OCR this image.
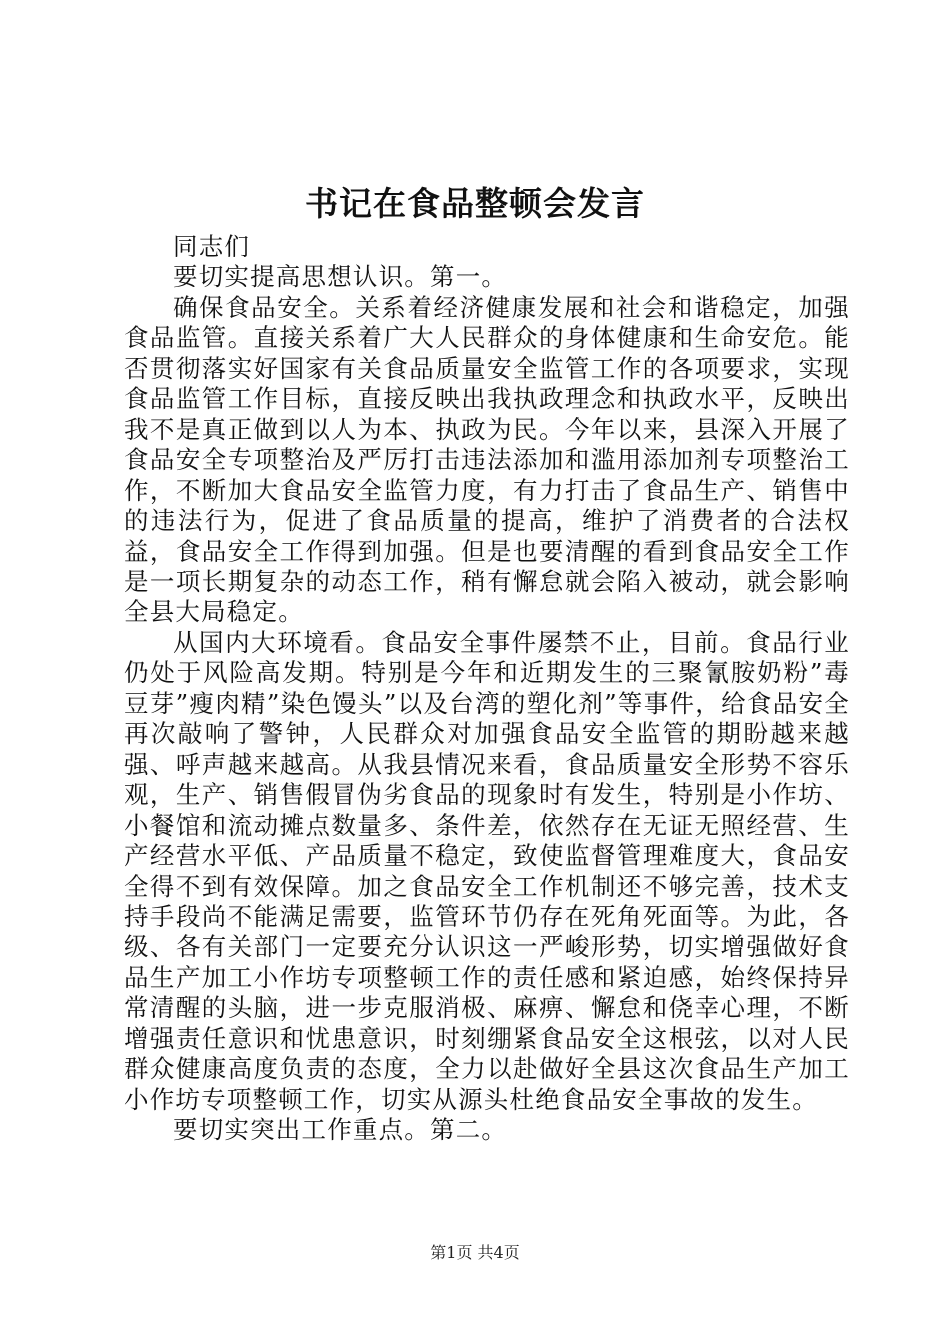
书记在食品整顿会发言

同志们

要切实提高思想认识。第一。

确保食品安全。关系着经济健康发展和社会和谐稳定，加强食品监管。直接关系着广大人民群众的身体健康和生命安危。能否贯彻落实好国家有关食品质量安全监管工作的各项要求，实现食品监管工作目标，直接反映出我执政理念和执政水平，反映出我不是真正做到以人为本、执政为民。今年以来，县深入开展了食品安全专项整治及严厉打击违法添加和滥用添加剂专项整治工作，不断加大食品安全监管力度，有力打击了食品生产、销售中的违法行为，促进了食品质量的提高，维护了消费者的合法权益，食品安全工作得到加强。但是也要清醒的看到食品安全工作是一项长期复杂的动态工作，稍有懈怠就会陷入被动，就会影响全县大局稳定。

从国内大环境看。食品安全事件屡禁不止，目前。食品行业仍处于风险高发期。特别是今年和近期发生的三聚氰胺奶粉”毒豆芽”瘦肉精”染色馒头”以及台湾的塑化剂”等事件，给食品安全再次敲响了警钟，人民群众对加强食品安全监管的期盼越来越强、呼声越来越高。从我县情况来看，食品质量安全形势不容乐观，生产、销售假冒伪劣食品的现象时有发生，特别是小作坊、小餐馆和流动摊点数量多、条件差，依然存在无证无照经营、生产经营水平低、产品质量不稳定，致使监督管理难度大，食品安全得不到有效保障。加之食品安全工作机制还不够完善，技术支持手段尚不能满足需要，监管环节仍存在死角死面等。为此，各级、各有关部门一定要充分认识这一严峻形势，切实增强做好食品生产加工小作坊专项整顿工作的责任感和紧迫感，始终保持异常清醒的头脑，进一步克服消极、麻痹、懈怠和侥幸心理，不断增强责任意识和忧患意识，时刻绷紧食品安全这根弦，以对人民群众健康高度负责的态度，全力以赴做好全县这次食品生产加工小作坊专项整顿工作，切实从源头杜绝食品安全事故的发生。

要切实突出工作重点。第二。

第1页 共4页
